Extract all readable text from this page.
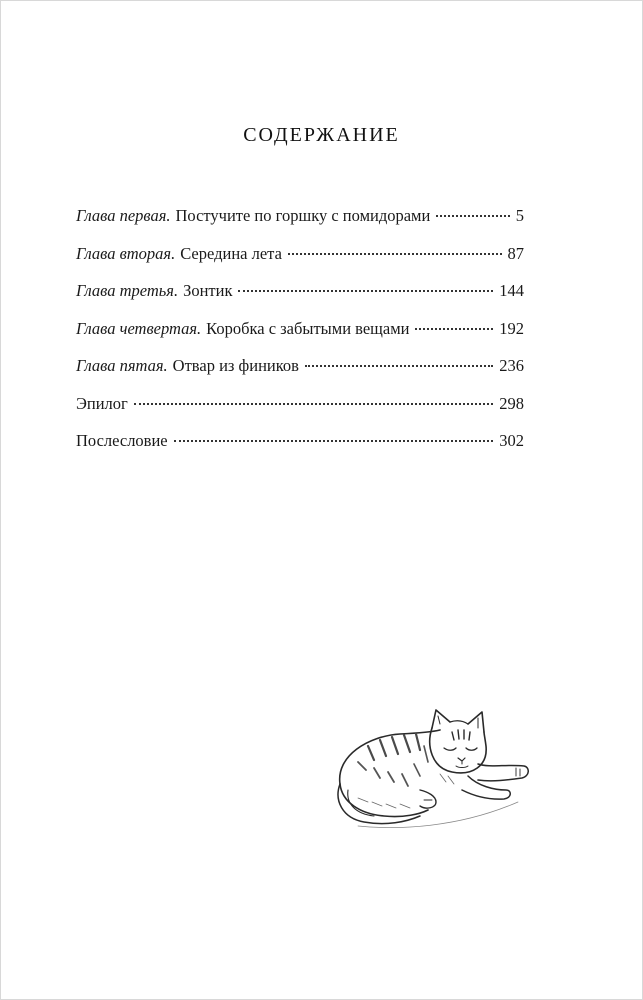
содержание
Глава первая. Постучите по горшку с помидорами	5
Глава вторая. Середина лета	87
Глава третья. Зонтик	144
Глава четвертая. Коробка с забытыми вещами	192
Глава пятая. Отвар из фиников	236
Эпилог	298
Послесловие	302
